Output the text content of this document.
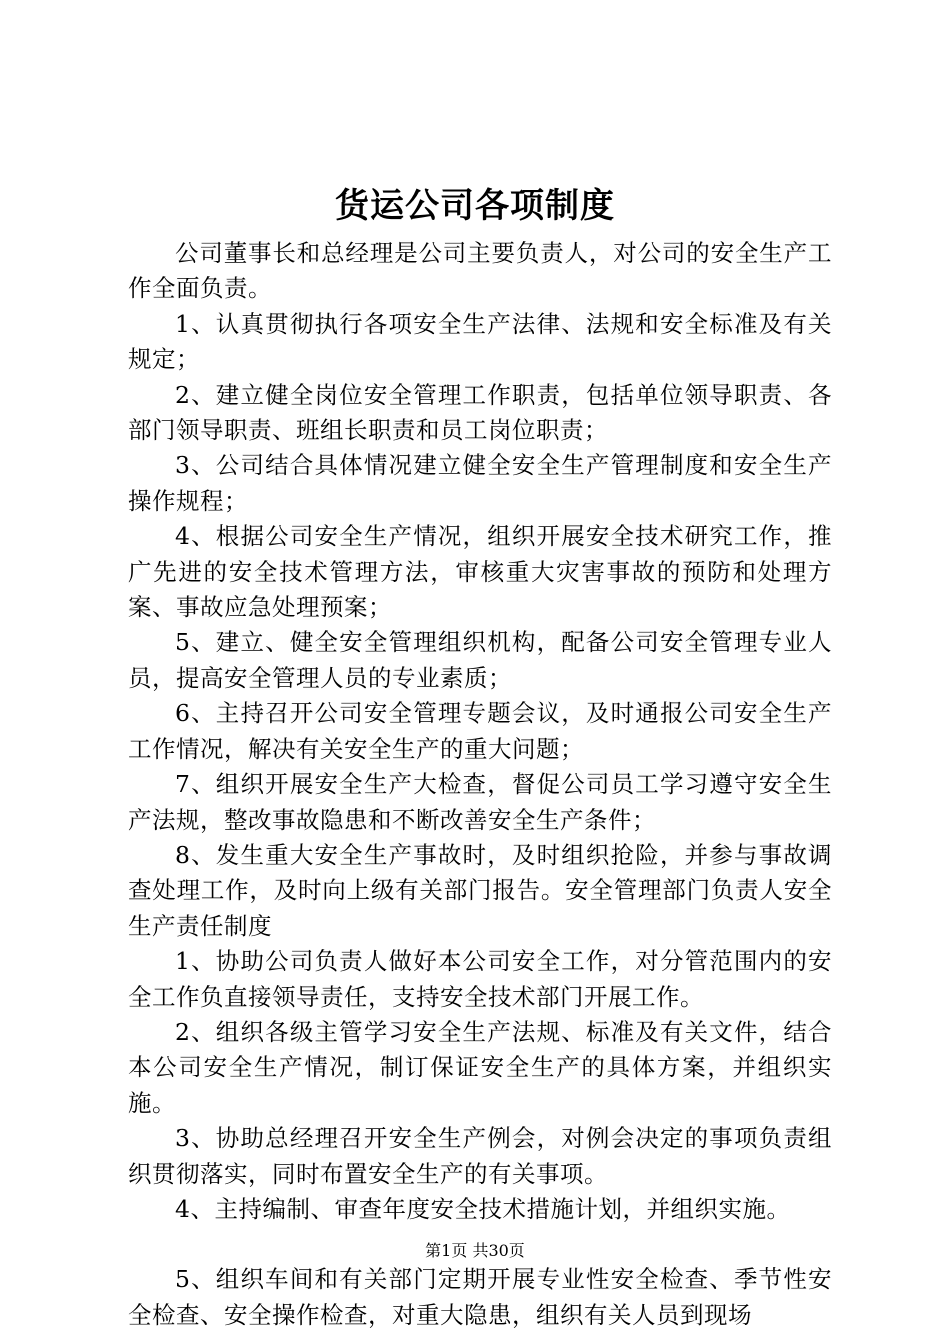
货运公司各项制度

公司董事长和总经理是公司主要负责人，对公司的安全生产工作全面负责。

1、认真贯彻执行各项安全生产法律、法规和安全标准及有关规定；

2、建立健全岗位安全管理工作职责，包括单位领导职责、各部门领导职责、班组长职责和员工岗位职责；

3、公司结合具体情况建立健全安全生产管理制度和安全生产操作规程；

4、根据公司安全生产情况，组织开展安全技术研究工作，推广先进的安全技术管理方法，审核重大灾害事故的预防和处理方案、事故应急处理预案；

5、建立、健全安全管理组织机构，配备公司安全管理专业人员，提高安全管理人员的专业素质；

6、主持召开公司安全管理专题会议，及时通报公司安全生产工作情况，解决有关安全生产的重大问题；

7、组织开展安全生产大检查，督促公司员工学习遵守安全生产法规，整改事故隐患和不断改善安全生产条件；

8、发生重大安全生产事故时，及时组织抢险，并参与事故调查处理工作，及时向上级有关部门报告。安全管理部门负责人安全生产责任制度

1、协助公司负责人做好本公司安全工作，对分管范围内的安全工作负直接领导责任，支持安全技术部门开展工作。

2、组织各级主管学习安全生产法规、标准及有关文件，结合本公司安全生产情况，制订保证安全生产的具体方案，并组织实施。

3、协助总经理召开安全生产例会，对例会决定的事项负责组织贯彻落实，同时布置安全生产的有关事项。

4、主持编制、审查年度安全技术措施计划，并组织实施。

5、组织车间和有关部门定期开展专业性安全检查、季节性安全检查、安全操作检查，对重大隐患，组织有关人员到现场

第1页 共30页
